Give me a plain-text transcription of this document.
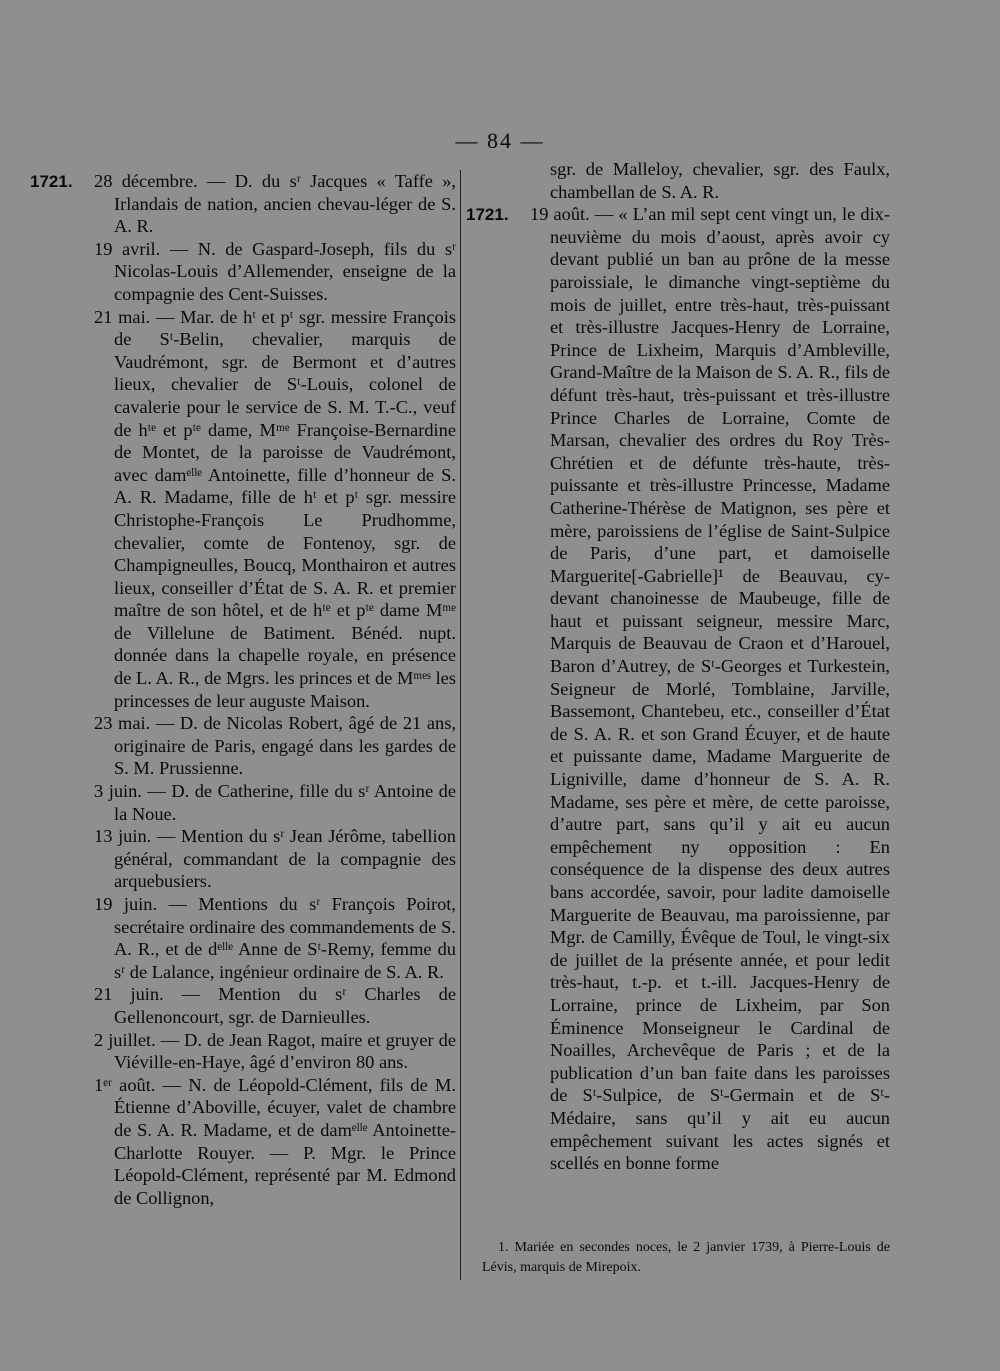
— 84 —
1721.	28 décembre. — D. du sʳ Jacques « Taffe », Irlandais de nation, ancien chevau-léger de S. A. R.
19 avril. — N. de Gaspard-Joseph, fils du sʳ Nicolas-Louis d’Allemender, enseigne de la compagnie des Cent-Suisses.
21 mai. — Mar. de hᵗ et pᵗ sgr. messire François de Sᵗ-Belin, chevalier, marquis de Vaudrémont, sgr. de Bermont et d’autres lieux, chevalier de Sᵗ-Louis, colonel de cavalerie pour le service de S. M. T.-C., veuf de hᵗᵉ et pᵗᵉ dame, Mᵐᵉ Françoise-Bernardine de Montet, de la paroisse de Vaudrémont, avec damᵉˡˡᵉ Antoinette, fille d’honneur de S. A. R. Madame, fille de hᵗ et pᵗ sgr. messire Christophe-François Le Prudhomme, chevalier, comte de Fontenoy, sgr. de Champigneulles, Boucq, Monthairon et autres lieux, conseiller d’État de S. A. R. et premier maître de son hôtel, et de hᵗᵉ et pᵗᵉ dame Mᵐᵉ de Villelune de Batiment. Bénéd. nupt. donnée dans la chapelle royale, en présence de L. A. R., de Mgrs. les princes et de Mᵐᵉˢ les princesses de leur auguste Maison.
23 mai. — D. de Nicolas Robert, âgé de 21 ans, originaire de Paris, engagé dans les gardes de S. M. Prussienne.
3 juin. — D. de Catherine, fille du sʳ Antoine de la Noue.
13 juin. — Mention du sʳ Jean Jérôme, tabellion général, commandant de la compagnie des arquebusiers.
19 juin. — Mentions du sʳ François Poirot, secrétaire ordinaire des commandements de S. A. R., et de dᵉˡˡᵉ Anne de Sᵗ-Remy, femme du sʳ de Lalance, ingénieur ordinaire de S. A. R.
21 juin. — Mention du sʳ Charles de Gellenoncourt, sgr. de Darnieulles.
2 juillet. — D. de Jean Ragot, maire et gruyer de Viéville-en-Haye, âgé d’environ 80 ans.
1ᵉʳ août. — N. de Léopold-Clément, fils de M. Étienne d’Aboville, écuyer, valet de chambre de S. A. R. Madame, et de damᵉˡˡᵉ Antoinette-Charlotte Rouyer. — P. Mgr. le Prince Léopold-Clément, représenté par M. Edmond de Collignon,
sgr. de Malleloy, chevalier, sgr. des Faulx, chambellan de S. A. R.
1721.	19 août. — « L’an mil sept cent vingt un, le dix-neuvième du mois d’aoust, après avoir cy devant publié un ban au prône de la messe paroissiale, le dimanche vingt-septième du mois de juillet, entre très-haut, très-puissant et très-illustre Jacques-Henry de Lorraine, Prince de Lixheim, Marquis d’Ambleville, Grand-Maître de la Maison de S. A. R., fils de défunt très-haut, très-puissant et très-illustre Prince Charles de Lorraine, Comte de Marsan, chevalier des ordres du Roy Très-Chrétien et de défunte très-haute, très-puissante et très-illustre Princesse, Madame Catherine-Thérèse de Matignon, ses père et mère, paroissiens de l’église de Saint-Sulpice de Paris, d’une part, et damoiselle Marguerite[-Gabrielle]¹ de Beauvau, cy-devant chanoinesse de Maubeuge, fille de haut et puissant seigneur, messire Marc, Marquis de Beauvau de Craon et d’Harouel, Baron d’Autrey, de Sᵗ-Georges et Turkestein, Seigneur de Morlé, Tomblaine, Jarville, Bassemont, Chantebeu, etc., conseiller d’État de S. A. R. et son Grand Écuyer, et de haute et puissante dame, Madame Marguerite de Ligniville, dame d’honneur de S. A. R. Madame, ses père et mère, de cette paroisse, d’autre part, sans qu’il y ait eu aucun empêchement ny opposition : En conséquence de la dispense des deux autres bans accordée, savoir, pour ladite damoiselle Marguerite de Beauvau, ma paroissienne, par Mgr. de Camilly, Évêque de Toul, le vingt-six de juillet de la présente année, et pour ledit très-haut, t.-p. et t.-ill. Jacques-Henry de Lorraine, prince de Lixheim, par Son Éminence Monseigneur le Cardinal de Noailles, Archevêque de Paris ; et de la publication d’un ban faite dans les paroisses de Sᵗ-Sulpice, de Sᵗ-Germain et de Sᵗ-Médaire, sans qu’il y ait eu aucun empêchement suivant les actes signés et scellés en bonne forme
1. Mariée en secondes noces, le 2 janvier 1739, à Pierre-Louis de Lévis, marquis de Mirepoix.
